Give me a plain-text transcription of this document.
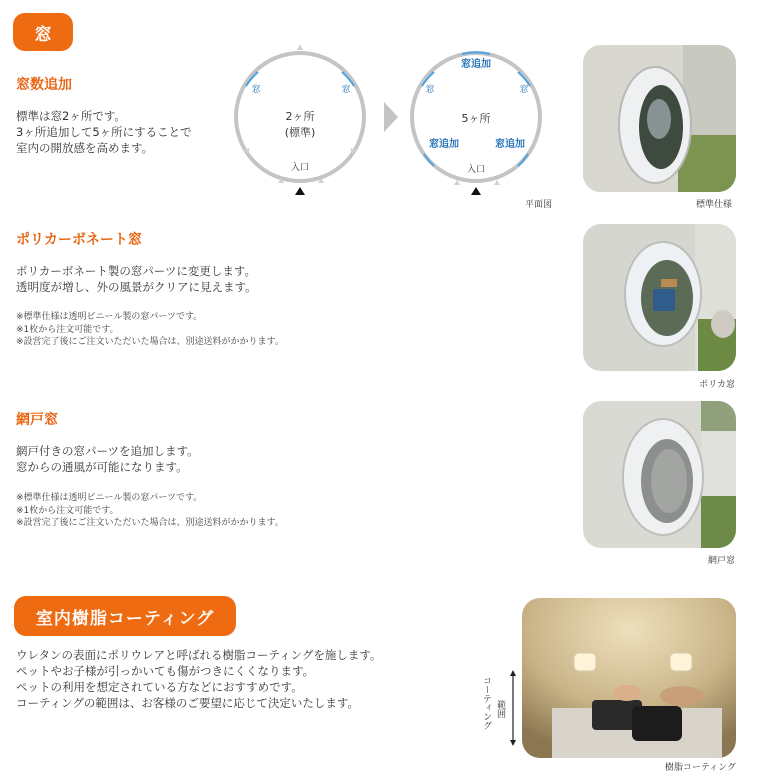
窓
窓数追加
標準は窓2ヶ所です。
3ヶ所追加して5ヶ所にすることで
室内の開放感を高めます。
窓	窓
2ヶ所
(標準)
入口
窓追加
窓	窓
5ヶ所
窓追加	窓追加
入口
平面図	標準仕様
ポリカーボネート窓
ポリカーボネート製の窓パーツに変更します。
透明度が増し、外の風景がクリアに見えます。
※標準仕様は透明ビニール製の窓パーツです。
※1枚から注文可能です。
※設営完了後にご注文いただいた場合は、別途送料がかかります。
ポリカ窓
網戸窓
網戸付きの窓パーツを追加します。
窓からの通風が可能になります。
※標準仕様は透明ビニール製の窓パーツです。
※1枚から注文可能です。
※設営完了後にご注文いただいた場合は、別途送料がかかります。
網戸窓
室内樹脂コーティング
ウレタンの表面にポリウレアと呼ばれる樹脂コーティングを施します。
ペットやお子様が引っかいても傷がつきにくくなります。
ペットの利用を想定されている方などにおすすめです。
コーティングの範囲は、お客様のご要望に応じて決定いたします。	コーティング 範囲
樹脂コーティング
